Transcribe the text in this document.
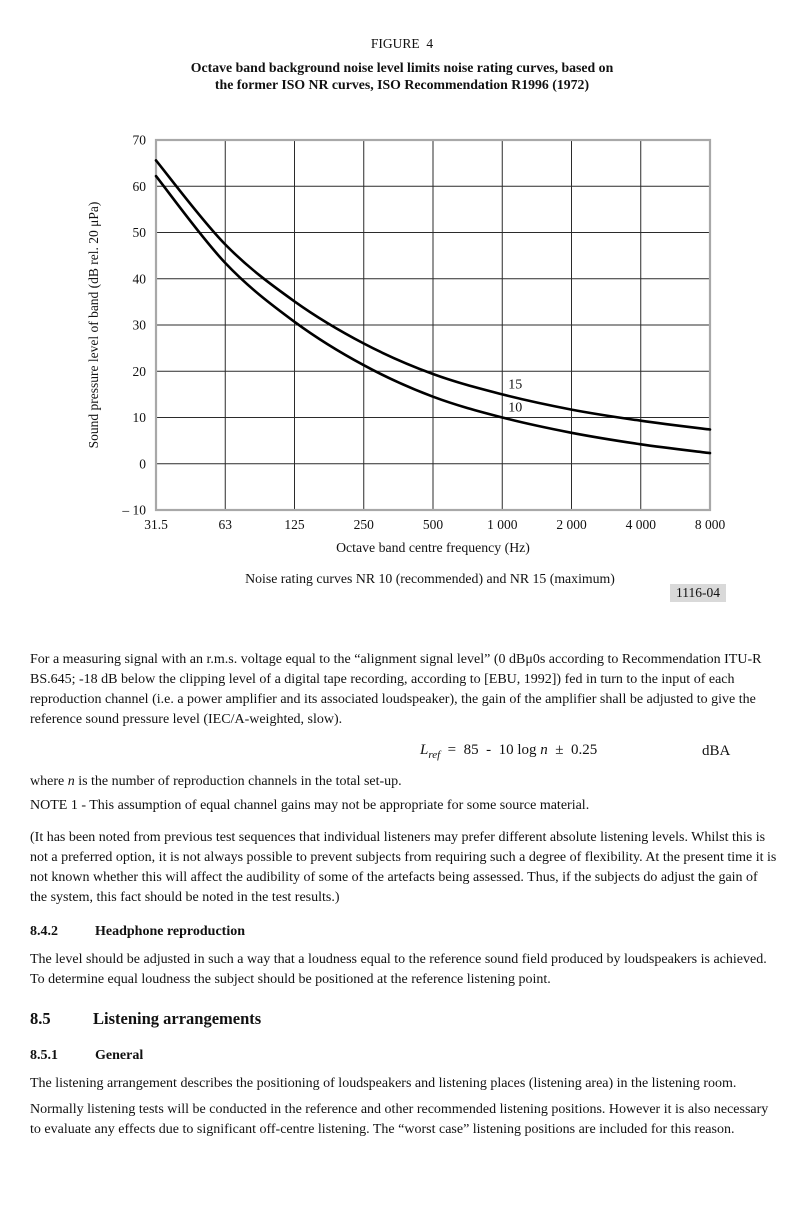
FIGURE  4
Octave band background noise level limits noise rating curves, based on
the former ISO NR curves, ISO Recommendation R1996 (1972)
70
60
50
40
30
20
10
0
– 10
31.5	63	125	250	500	1 000	2 000	4 000	8 000
Sound pressure level of band (dB rel. 20 μPa)	15
10
Octave band centre frequency (Hz)
Noise rating curves NR 10 (recommended) and NR 15 (maximum)
1116-04

For a measuring signal with an r.m.s. voltage equal to the “alignment signal level” (0 dBμ0s according to Recommendation ITU-R BS.645; -18 dB below the clipping level of a digital tape recording, according to [EBU, 1992]) fed in turn to the input of each reproduction channel (i.e. a power amplifier and its associated loudspeaker), the gain of the amplifier shall be adjusted to give the reference sound pressure level (IEC/A-weighted, slow).

$L_{ref} = 85 - 10$ log n  ±  0.25	dBA

where n is the number of reproduction channels in the total set-up.

NOTE 1 - This assumption of equal channel gains may not be appropriate for some source material.

(It has been noted from previous test sequences that individual listeners may prefer different absolute listening levels. Whilst this is not a preferred option, it is not always possible to prevent subjects from requiring such a degree of flexibility. At the present time it is not known whether this will affect the audibility of some of the artefacts being assessed. Thus, if the subjects do adjust the gain of the system, this fact should be noted in the test results.)

8.4.2	Headphone reproduction

The level should be adjusted in such a way that a loudness equal to the reference sound field produced by loudspeakers is achieved. To determine equal loudness the subject should be positioned at the reference listening point.

8.5	Listening arrangements

8.5.1	General

The listening arrangement describes the positioning of loudspeakers and listening places (listening area) in the listening room.

Normally listening tests will be conducted in the reference and other recommended listening positions. However it is also necessary to evaluate any effects due to significant off-centre listening. The “worst case” listening positions are included for this reason.
